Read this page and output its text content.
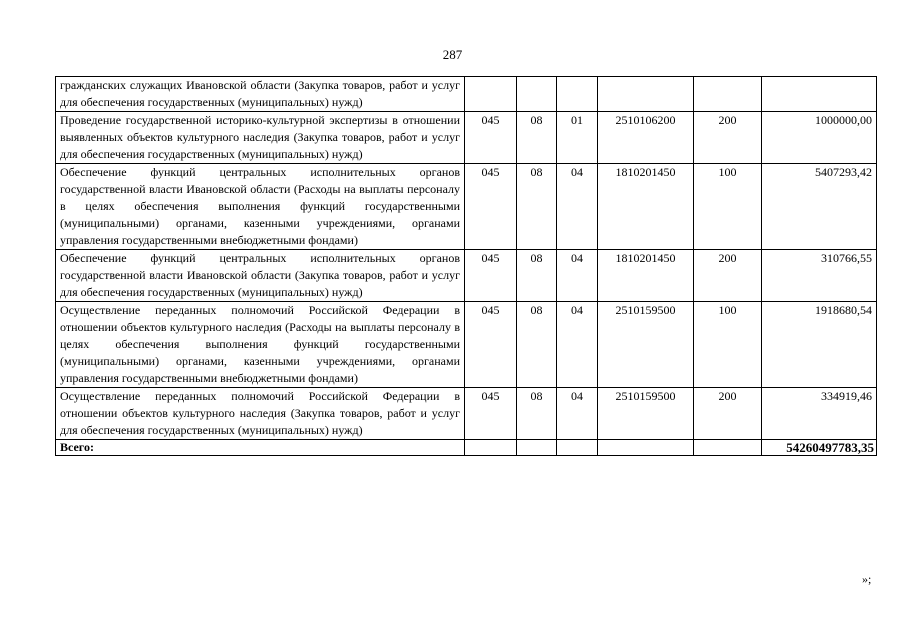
287
гражданских служащих Ивановской области (Закупка товаров, работ и услуг для обеспечения государственных (муниципальных) нужд)						
Проведение государственной историко-культурной экспертизы в отношении выявленных объектов культурного наследия (Закупка товаров, работ и услуг для обеспечения государственных (муниципальных) нужд)	045	08	01	2510106200	200	1000000,00
Обеспечение функций центральных исполнительных органов государственной власти Ивановской области (Расходы на выплаты персоналу в целях обеспечения выполнения функций государственными (муниципальными) органами, казенными учреждениями, органами управления государственными внебюджетными фондами)	045	08	04	1810201450	100	5407293,42
Обеспечение функций центральных исполнительных органов государственной власти Ивановской области (Закупка товаров, работ и услуг для обеспечения государственных (муниципальных) нужд)	045	08	04	1810201450	200	310766,55
Осуществление переданных полномочий Российской Федерации в отношении объектов культурного наследия (Расходы на выплаты персоналу в целях обеспечения выполнения функций государственными (муниципальными) органами, казенными учреждениями, органами управления государственными внебюджетными фондами)	045	08	04	2510159500	100	1918680,54
Осуществление переданных полномочий Российской Федерации в отношении объектов культурного наследия (Закупка товаров, работ и услуг для обеспечения государственных (муниципальных) нужд)	045	08	04	2510159500	200	334919,46
Всего:						54260497783,35
»;
